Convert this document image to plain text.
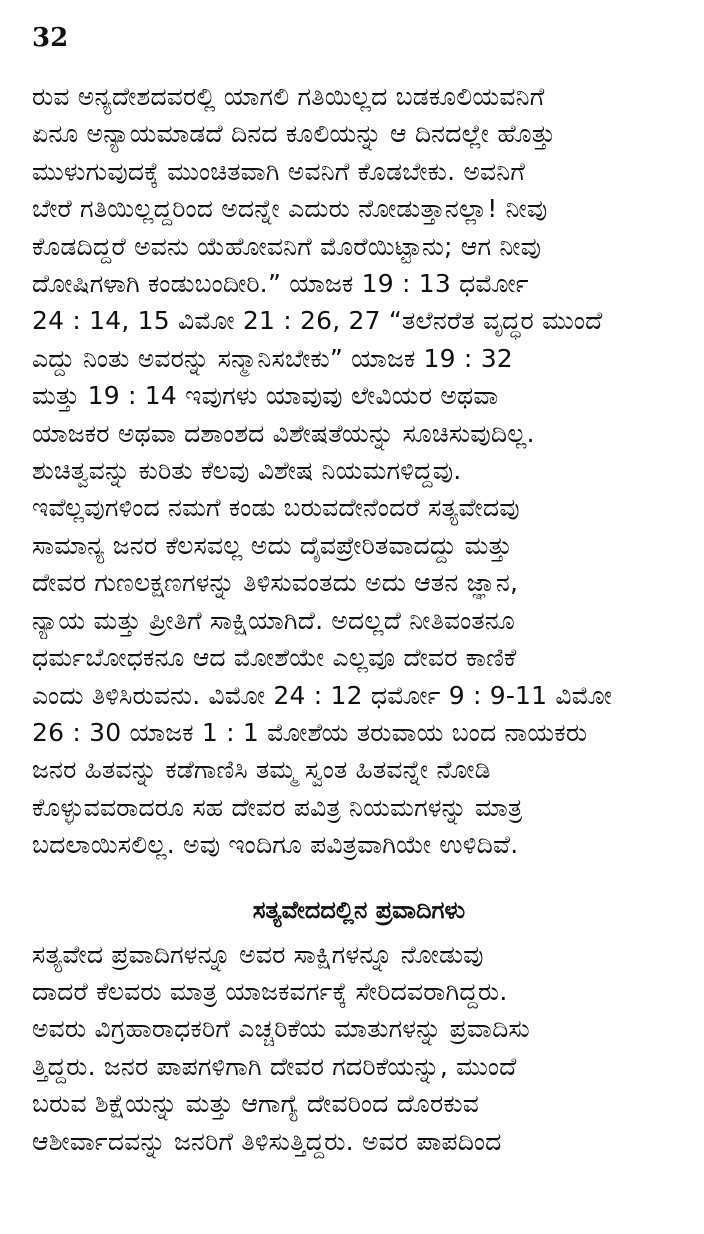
32
ರುವ ಅನ್ಯದೇಶದವರಲ್ಲಿ ಯಾಗಲಿ ಗತಿಯಿಲ್ಲದ ಬಡಕೂಲಿಯವನಿಗೆ
ಏನೂ ಅನ್ಯಾಯಮಾಡದೆ ದಿನದ ಕೂಲಿಯನ್ನು ಆ ದಿನದಲ್ಲೇ ಹೊತ್ತು
ಮುಳುಗುವುದಕ್ಕೆ ಮುಂಚಿತವಾಗಿ ಅವನಿಗೆ ಕೊಡಬೇಕು. ಅವನಿಗೆ
ಬೇರೆ ಗತಿಯಿಲ್ಲದ್ದರಿಂದ ಅದನ್ನೇ ಎದುರು ನೋಡುತ್ತಾನಲ್ಲಾ! ನೀವು
ಕೊಡದಿದ್ದರೆ ಅವನು ಯೆಹೋವನಿಗೆ ಮೊರೆಯಿಟ್ಟಾನು; ಆಗ ನೀವು
ದೋಷಿಗಳಾಗಿ ಕಂಡುಬಂದೀರಿ.” ಯಾಜಕ 19 : 13 ಧರ್ಮೋ
24 : 14, 15 ವಿಮೋ 21 : 26, 27 “ತಲೆನರೆತ ವೃದ್ಧರ ಮುಂದೆ
ಎದ್ದು ನಿಂತು ಅವರನ್ನು ಸನ್ಮಾನಿಸಬೇಕು” ಯಾಜಕ 19 : 32
ಮತ್ತು 19 : 14 ಇವುಗಳು ಯಾವುವು ಲೇವಿಯರ ಅಥವಾ
ಯಾಜಕರ ಅಥವಾ ದಶಾಂಶದ ವಿಶೇಷತೆಯನ್ನು ಸೂಚಿಸುವುದಿಲ್ಲ.
ಶುಚಿತ್ವವನ್ನು ಕುರಿತು ಕೆಲವು ವಿಶೇಷ ನಿಯಮಗಳಿದ್ದವು.
ಇವೆಲ್ಲವುಗಳಿಂದ ನಮಗೆ ಕಂಡು ಬರುವದೇನೆಂದರೆ ಸತ್ಯವೇದವು
ಸಾಮಾನ್ಯ ಜನರ ಕೆಲಸವಲ್ಲ ಅದು ದೈವಪ್ರೇರಿತವಾದದ್ದು ಮತ್ತು
ದೇವರ ಗುಣಲಕ್ಷಣಗಳನ್ನು ತಿಳಿಸುವಂತದು ಅದು ಆತನ ಜ್ಞಾನ,
ನ್ಯಾಯ ಮತ್ತು ಪ್ರೀತಿಗೆ ಸಾಕ್ಷಿಯಾಗಿದೆ. ಅದಲ್ಲದೆ ನೀತಿವಂತನೂ
ಧರ್ಮಬೋಧಕನೂ ಆದ ಮೋಶೆಯೇ ಎಲ್ಲವೂ ದೇವರ ಕಾಣಿಕೆ
ಎಂದು ತಿಳಿಸಿರುವನು. ವಿಮೋ 24 : 12 ಧರ್ಮೋ 9 : 9-11 ವಿಮೋ
26 : 30 ಯಾಜಕ 1 : 1 ಮೋಶೆಯ ತರುವಾಯ ಬಂದ ನಾಯಕರು
ಜನರ ಹಿತವನ್ನು ಕಡೆಗಾಣಿಸಿ ತಮ್ಮ ಸ್ವಂತ ಹಿತವನ್ನೇ ನೋಡಿ
ಕೊಳ್ಳುವವರಾದರೂ ಸಹ ದೇವರ ಪವಿತ್ರ ನಿಯಮಗಳನ್ನು ಮಾತ್ರ
ಬದಲಾಯಿಸಲಿಲ್ಲ. ಅವು ಇಂದಿಗೂ ಪವಿತ್ರವಾಗಿಯೇ ಉಳಿದಿವೆ.
ಸತ್ಯವೇದದಲ್ಲಿನ ಪ್ರವಾದಿಗಳು
ಸತ್ಯವೇದ ಪ್ರವಾದಿಗಳನ್ನೂ ಅವರ ಸಾಕ್ಷಿಗಳನ್ನೂ ನೋಡುವು
ದಾದರೆ ಕೆಲವರು ಮಾತ್ರ ಯಾಜಕವರ್ಗಕ್ಕೆ ಸೇರಿದವರಾಗಿದ್ದರು.
ಅವರು ವಿಗ್ರಹಾರಾಧಕರಿಗೆ ಎಚ್ಚರಿಕೆಯ ಮಾತುಗಳನ್ನು ಪ್ರವಾದಿಸು
ತ್ತಿದ್ದರು. ಜನರ ಪಾಪಗಳಿಗಾಗಿ ದೇವರ ಗದರಿಕೆಯನ್ನು, ಮುಂದೆ
ಬರುವ ಶಿಕ್ಷೆಯನ್ನು ಮತ್ತು ಆಗಾಗ್ಯೆ ದೇವರಿಂದ ದೊರಕುವ
ಆಶೀರ್ವಾದವನ್ನು ಜನರಿಗೆ ತಿಳಿಸುತ್ತಿದ್ದರು. ಅವರ ಪಾಪದಿಂದ
